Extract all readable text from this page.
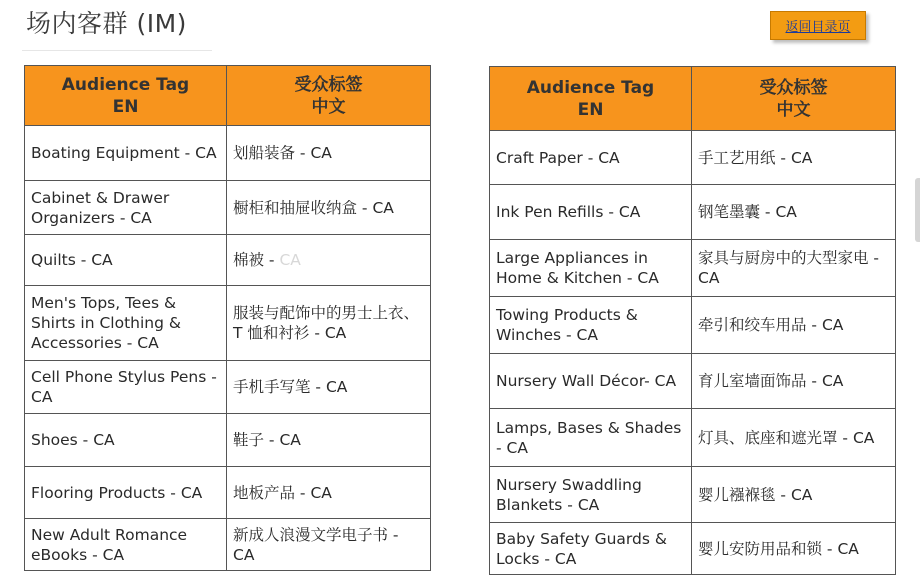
场内客群 (IM)	返回目录页
Audience Tag
EN	受众标签
中文

Boating Equipment - CA	划船装备 - CA
Cabinet & Drawer Organizers - CA	橱柜和抽屉收纳盒 - CA
Quilts - CA	棉被 - CA
Men's Tops, Tees & Shirts in Clothing & Accessories - CA	服装与配饰中的男士上衣、T 恤和衬衫 - CA
Cell Phone Stylus Pens - CA	手机手写笔 - CA
Shoes - CA	鞋子 - CA
Flooring Products - CA	地板产品 - CA
New Adult Romance eBooks - CA	新成人浪漫文学电子书 - CA
Audience Tag
EN	受众标签
中文

Craft Paper - CA	手工艺用纸 - CA
Ink Pen Refills - CA	钢笔墨囊 - CA
Large Appliances in Home & Kitchen - CA	家具与厨房中的大型家电 - CA
Towing Products & Winches - CA	牵引和绞车用品 - CA
Nursery Wall Décor- CA	育儿室墙面饰品 - CA
Lamps, Bases & Shades - CA	灯具、底座和遮光罩 - CA
Nursery Swaddling Blankets - CA	婴儿襁褓毯 - CA
Baby Safety Guards & Locks - CA	婴儿安防用品和锁 - CA
